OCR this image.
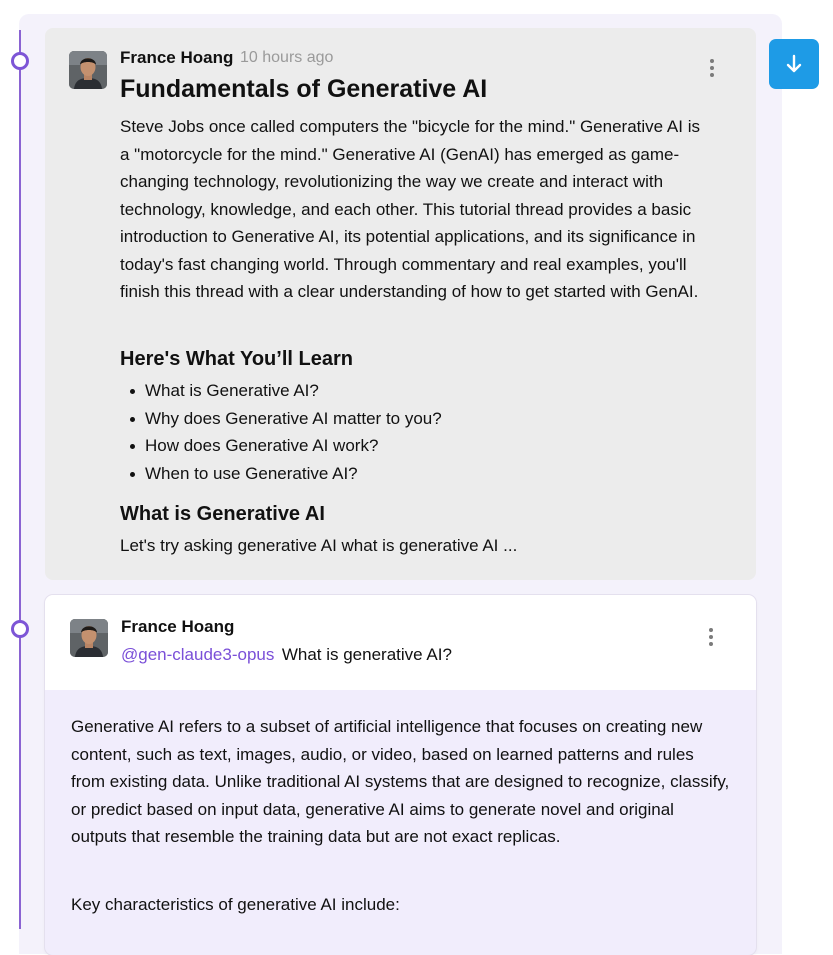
France Hoang 10 hours ago
Fundamentals of Generative AI

Steve Jobs once called computers the "bicycle for the mind." Generative AI is a "motorcycle for the mind." Generative AI (GenAI) has emerged as game-changing technology, revolutionizing the way we create and interact with technology, knowledge, and each other. This tutorial thread provides a basic introduction to Generative AI, its potential applications, and its significance in today's fast changing world. Through commentary and real examples, you'll finish this thread with a clear understanding of how to get started with GenAI.

Here's What You’ll Learn
What is Generative AI?
Why does Generative AI matter to you?
How does Generative AI work?
When to use Generative AI?
What is Generative AI

Let's try asking generative AI what is generative AI ...

France Hoang
@gen-claude3-opus What is generative AI?

Generative AI refers to a subset of artificial intelligence that focuses on creating new content, such as text, images, audio, or video, based on learned patterns and rules from existing data. Unlike traditional AI systems that are designed to recognize, classify, or predict based on input data, generative AI aims to generate novel and original outputs that resemble the training data but are not exact replicas.

Key characteristics of generative AI include:
